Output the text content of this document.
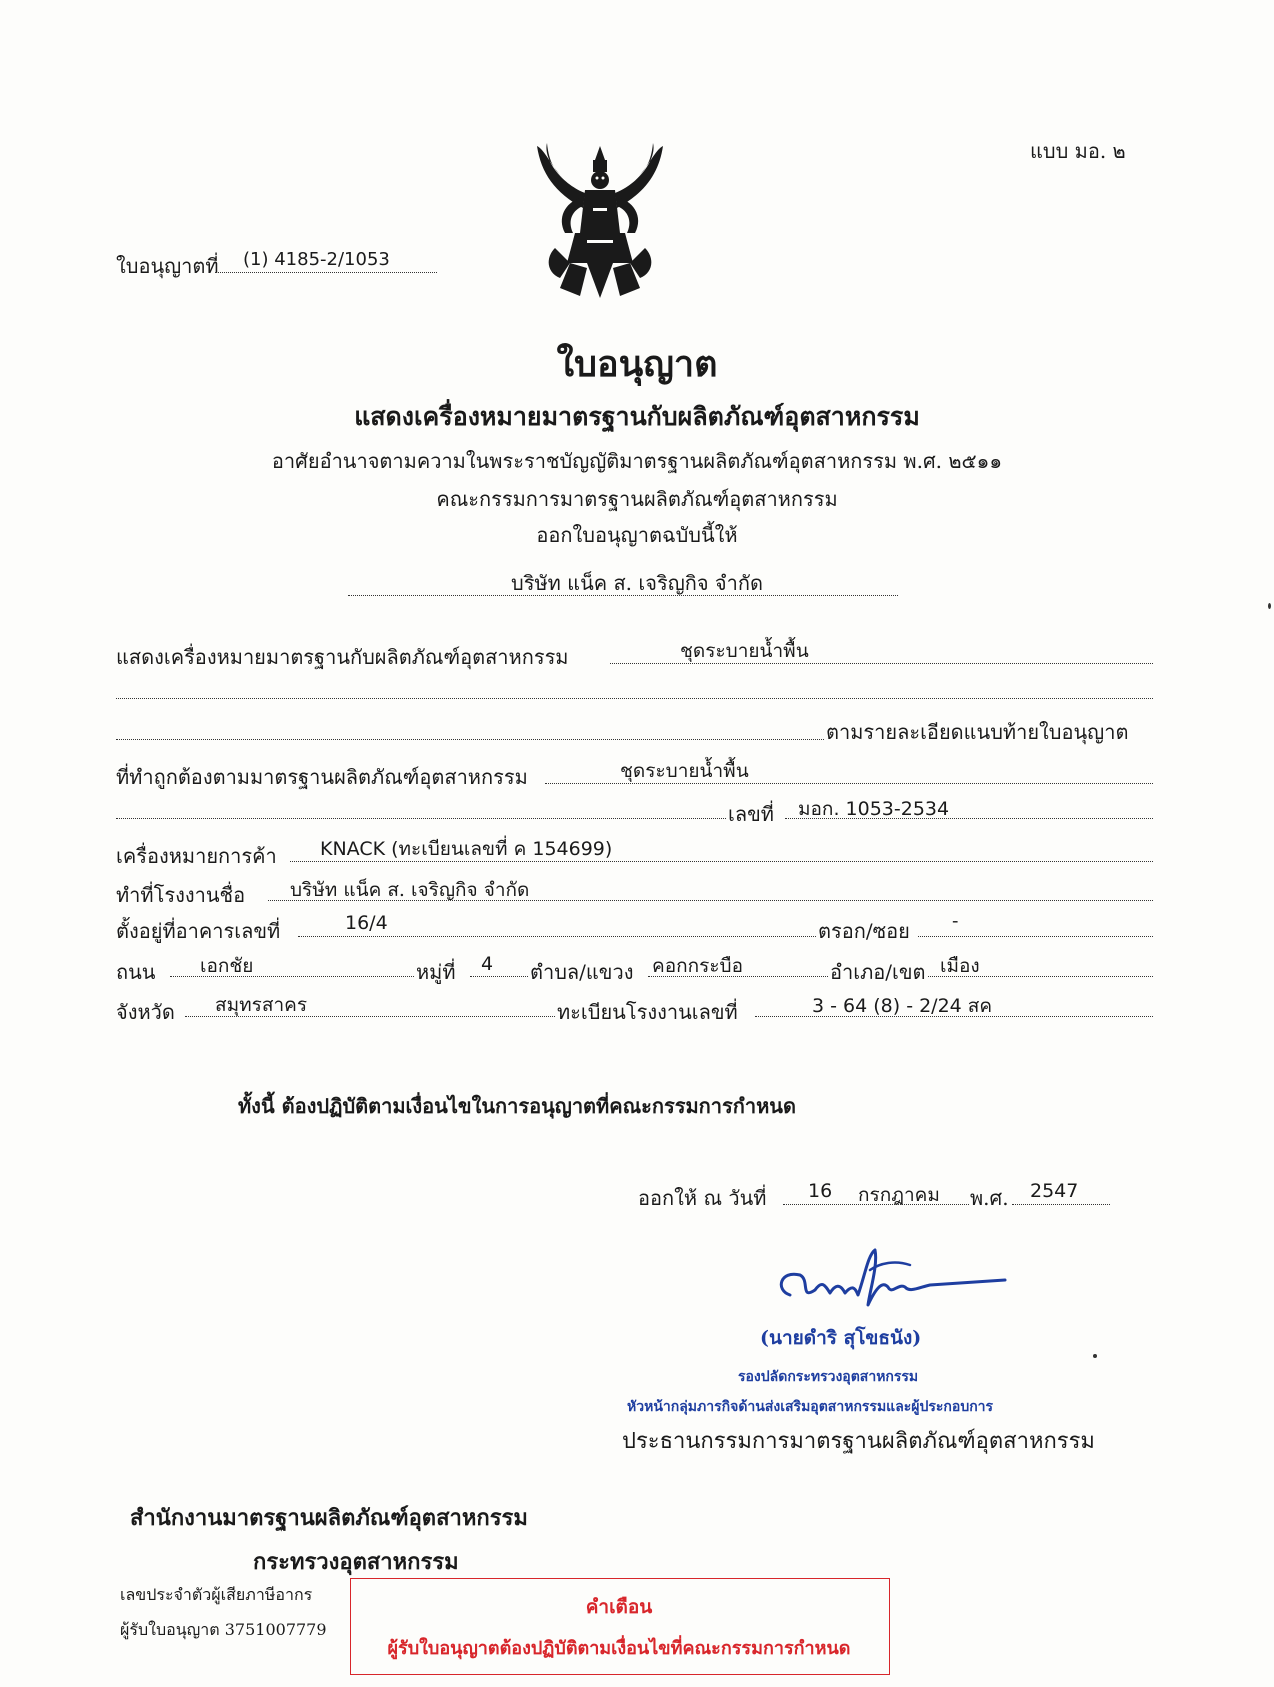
แบบ มอ. ๒
ใบอนุญาตที่ (1) 4185-2/1053
ใบอนุญาต
แสดงเครื่องหมายมาตรฐานกับผลิตภัณฑ์อุตสาหกรรม
อาศัยอำนาจตามความในพระราชบัญญัติมาตรฐานผลิตภัณฑ์อุตสาหกรรม พ.ศ. ๒๕๑๑
คณะกรรมการมาตรฐานผลิตภัณฑ์อุตสาหกรรม
ออกใบอนุญาตฉบับนี้ให้
บริษัท แน็ค ส. เจริญกิจ จำกัด
แสดงเครื่องหมายมาตรฐานกับผลิตภัณฑ์อุตสาหกรรม	ชุดระบายน้ำพื้น
ตามรายละเอียดแนบท้ายใบอนุญาต
ที่ทำถูกต้องตามมาตรฐานผลิตภัณฑ์อุตสาหกรรม	ชุดระบายน้ำพื้น
เลขที่ มอก. 1053-2534
เครื่องหมายการค้า KNACK (ทะเบียนเลขที่ ค 154699)
ทำที่โรงงานชื่อ บริษัท แน็ค ส. เจริญกิจ จำกัด
ตั้งอยู่ที่อาคารเลขที่	16/4	ตรอก/ซอย -
ถนน เอกชัย	หมู่ที่ 4 ตำบล/แขวง คอกกระบือ	อำเภอ/เขต เมือง
จังหวัด สมุทรสาคร	ทะเบียนโรงงานเลขที่	3 - 64 (8) - 2/24 สค
ทั้งนี้ ต้องปฏิบัติตามเงื่อนไขในการอนุญาตที่คณะกรรมการกำหนด
ออกให้ ณ วันที่ 16 กรกฎาคม พ.ศ. 2547
(นายดำริ สุโขธนัง)
รองปลัดกระทรวงอุตสาหกรรม
หัวหน้ากลุ่มภารกิจด้านส่งเสริมอุตสาหกรรมและผู้ประกอบการ
ประธานกรรมการมาตรฐานผลิตภัณฑ์อุตสาหกรรม
สำนักงานมาตรฐานผลิตภัณฑ์อุตสาหกรรม
กระทรวงอุตสาหกรรม
เลขประจำตัวผู้เสียภาษีอากร
ผู้รับใบอนุญาต 3751007779
คำเตือน
ผู้รับใบอนุญาตต้องปฏิบัติตามเงื่อนไขที่คณะกรรมการกำหนด
